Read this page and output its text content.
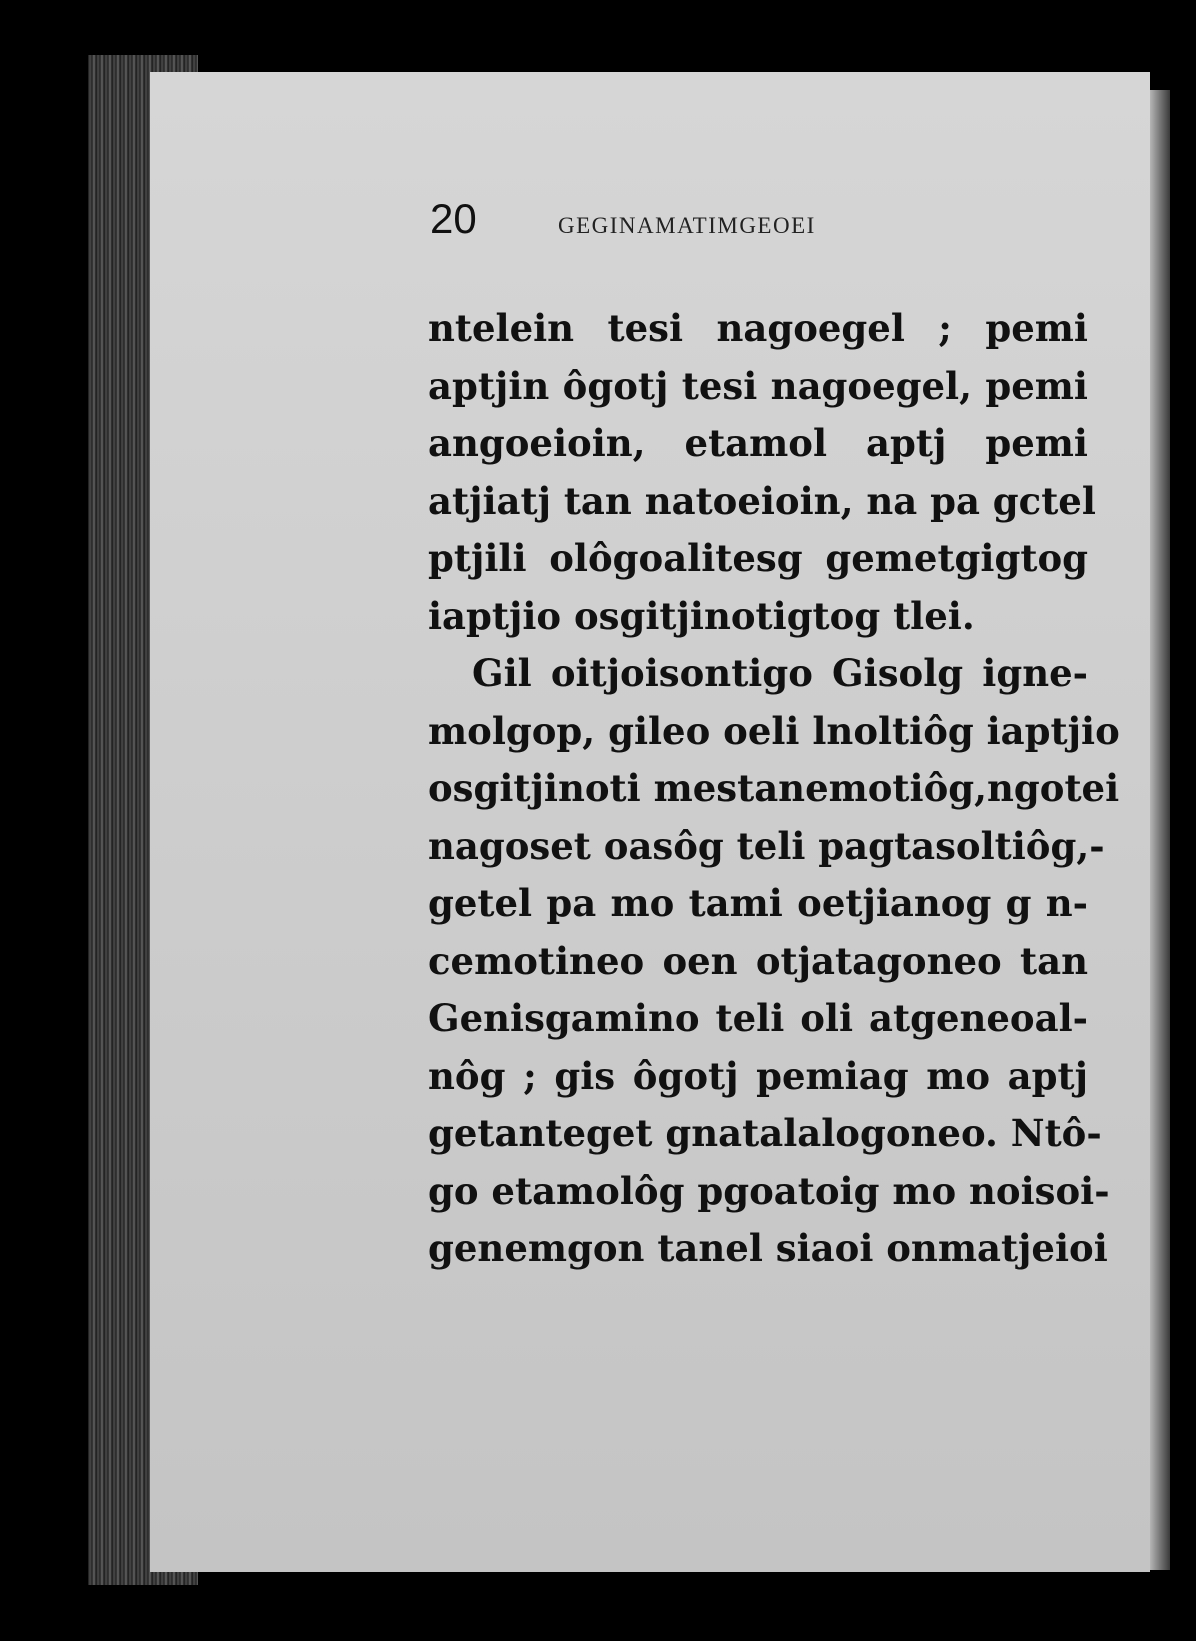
20	GEGINAMATIMGEOEI
ntelein tesi nagoegel ; pemi
aptjin ôgotj tesi nagoegel, pemi
angoeioin, etamol aptj pemi
atjiatj tan natoeioin, na pa gctel
ptjili olôgoalitesg gemetgigtog
iaptjio osgitjinotigtog tlei.
Gil oitjoisontigo Gisolg igne-
molgop, gileo oeli lnoltiôg iaptjio
osgitjinoti mestanemotiôg,ngotei
nagoset oasôg teli pagtasoltiôg,-
getel pa mo tami oetjianog g n-
cemotineo oen otjatagoneo tan
Genisgamino teli oli atgeneoal-
nôg ; gis ôgotj pemiag mo aptj
getanteget gnatalalogoneo. Ntô-
go etamolôg pgoatoig mo noisoi-
genemgon tanel siaoi onmatjeioi
